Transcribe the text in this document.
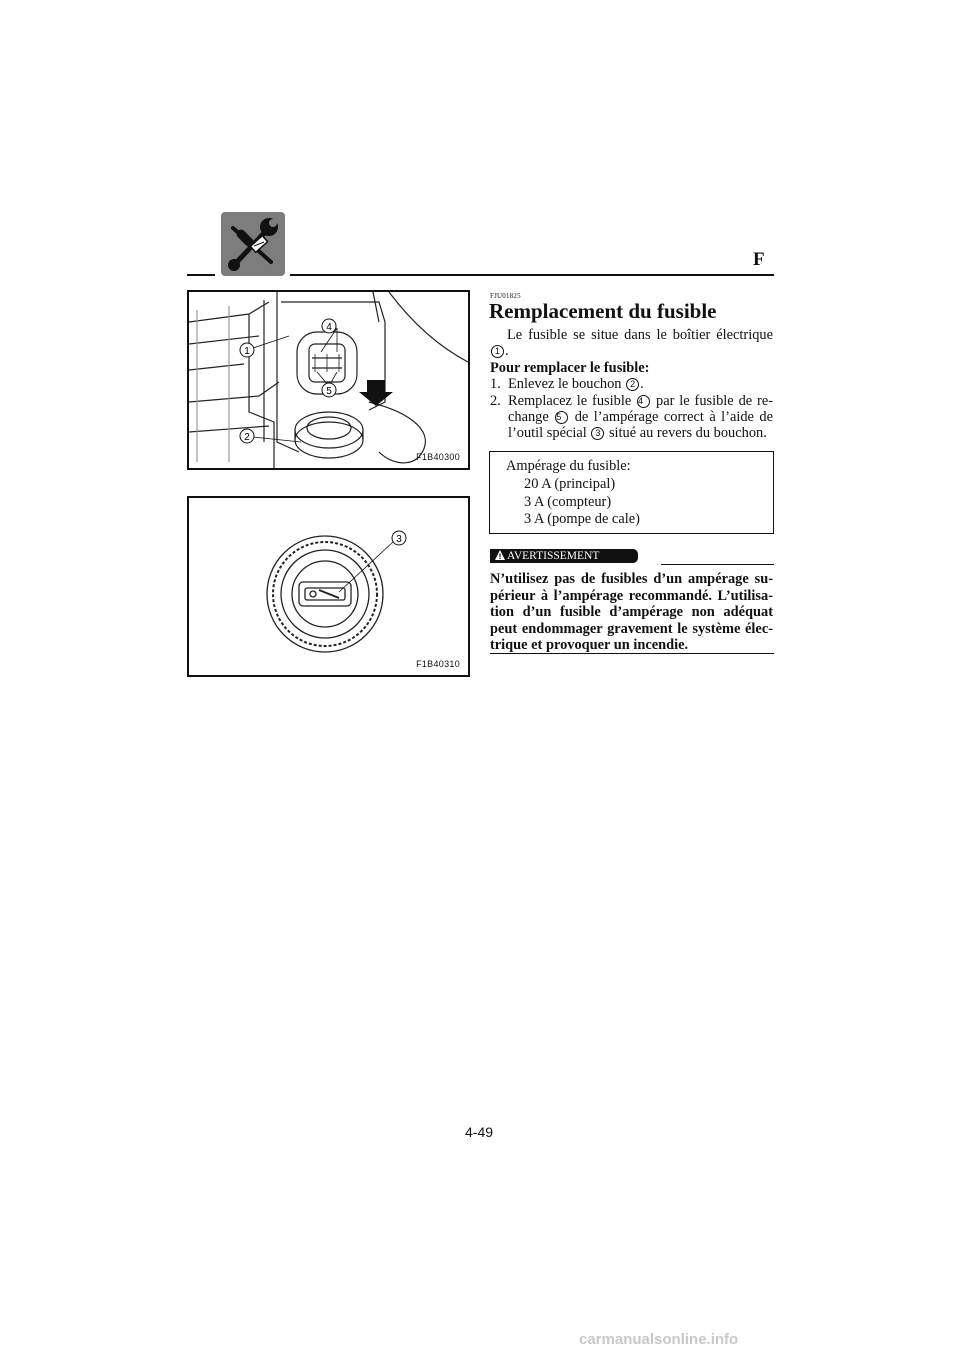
F
1
2
4
5
F1B40300
3
F1B40310
FJU01825
Remplacement du fusible
Le fusible se situe dans le boîtier électrique
1 .
Pour remplacer le fusible:
1. Enlevez le bouchon 2 .
2. Remplacez le fusible 4 par le fusible de re-
change 5 de l’ampérage correct à l’aide de
l’outil spécial 3 situé au revers du bouchon.
Ampérage du fusible:
20 A (principal)
3 A (compteur)
3 A (pompe de cale)
AVERTISSEMENT
N’utilisez pas de fusibles d’un ampérage su-périeur à l’ampérage recommandé. L’utilisa-tion d’un fusible d’ampérage non adéquat peut endommager gravement le système élec-trique et provoquer un incendie.
4-49
carmanualsonline.info
